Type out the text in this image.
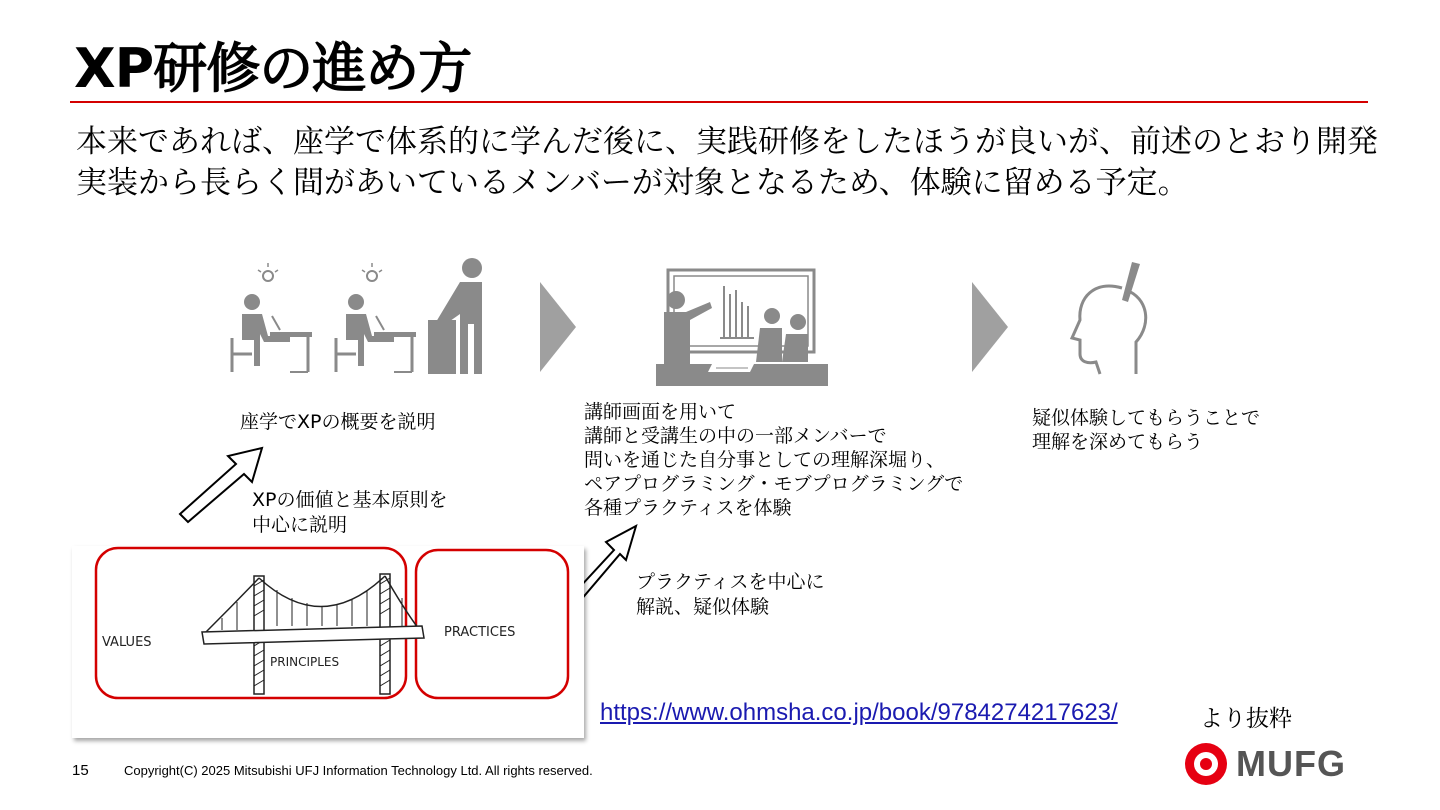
XP研修の進め方
本来であれば、座学で体系的に学んだ後に、実践研修をしたほうが良いが、前述のとおり開発実装から長らく間があいているメンバーが対象となるため、体験に留める予定。
座学でXPの概要を説明	講師画面を用いて
講師と受講生の中の一部メンバーで
問いを通じた自分事としての理解深堀り、
ペアプログラミング・モブプログラミングで
各種プラクティスを体験
疑似体験してもらうことで
理解を深めてもらう
XPの価値と基本原則を
中心に説明
プラクティスを中心に
解説、疑似体験
VALUES
PRINCIPLES
PRACTICES
https://www.ohmsha.co.jp/book/9784274217623/	より抜粋
15	Copyright(C) 2025 Mitsubishi UFJ Information Technology Ltd. All rights reserved.	MUFG
